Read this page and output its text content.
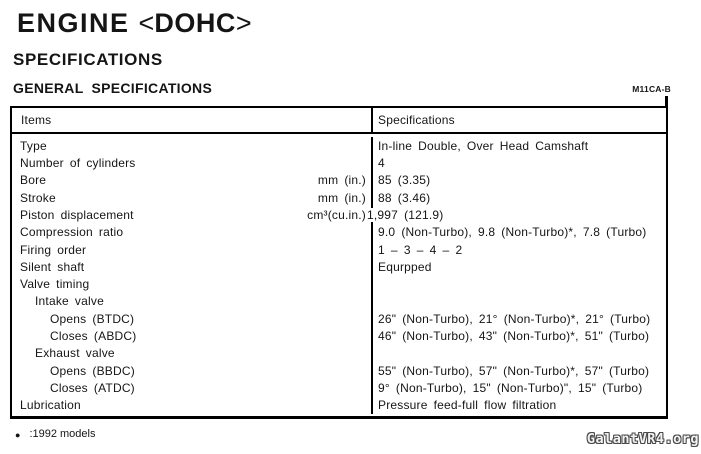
ENGINE <DOHC>
SPECIFICATIONS
GENERAL SPECIFICATIONS	M11CA-B
Items	Specifications
Type	In-line Double, Over Head Camshaft
Number of cylinders	4
Bore	mm (in.)	85 (3.35)
Stroke	mm (in.)	88 (3.46)
Piston displacement	cm³(cu.in.) 1,997 (121.9)
Compression ratio	9.0 (Non-Turbo), 9.8 (Non-Turbo)*, 7.8 (Turbo)
Firing order	1 – 3 – 4 – 2
Silent shaft	Equrpped
Valve timing
Intake valve
Opens (BTDC)	26" (Non-Turbo), 21° (Non-Turbo)*, 21° (Turbo)
Closes (ABDC)	46" (Non-Turbo), 43" (Non-Turbo)*, 51" (Turbo)
Exhaust valve
Opens (BBDC)	55" (Non-Turbo), 57" (Non-Turbo)*, 57" (Turbo)
Closes (ATDC)	9° (Non-Turbo), 15" (Non-Turbo)", 15" (Turbo)
Lubrication	Pressure feed-full flow filtration
● :1992 models	GalantVR4.org
